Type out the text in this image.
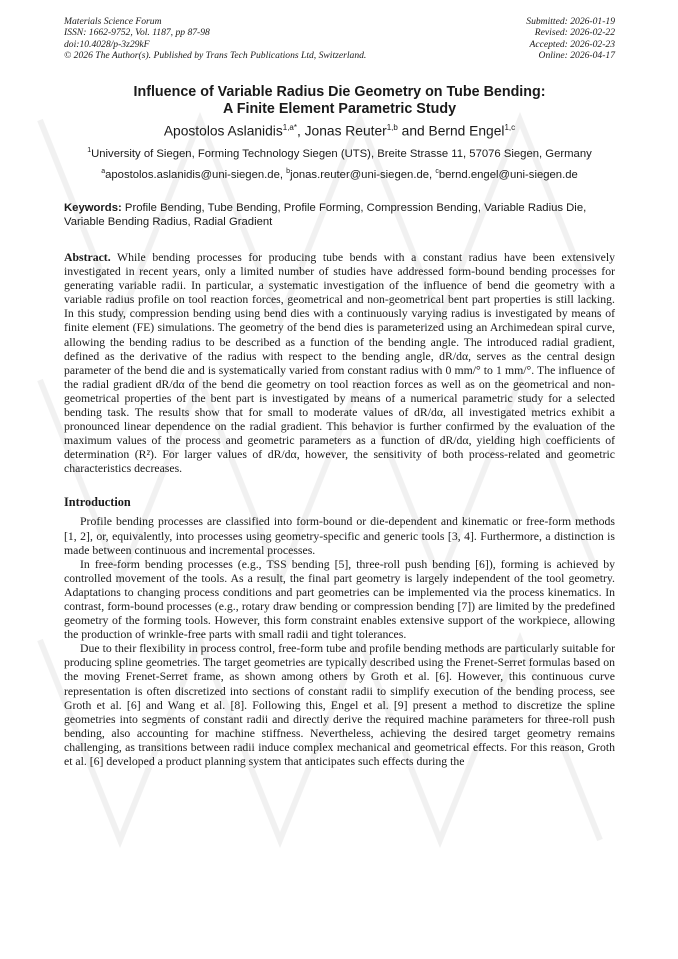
Materials Science Forum
ISSN: 1662-9752, Vol. 1187, pp 87-98
doi:10.4028/p-3z29kF
© 2026 The Author(s). Published by Trans Tech Publications Ltd, Switzerland.
Submitted: 2026-01-19
Revised: 2026-02-22
Accepted: 2026-02-23
Online: 2026-04-17
Influence of Variable Radius Die Geometry on Tube Bending:
A Finite Element Parametric Study
Apostolos Aslanidis$^{1,a*}$, Jonas Reuter$^{1,b}$ and Bernd Engel$^{1,c}$
$^1$University of Siegen, Forming Technology Siegen (UTS), Breite Strasse 11, 57076 Siegen, Germany
$^a$apostolos.aslanidis@uni-siegen.de, $^b$jonas.reuter@uni-siegen.de, $^c$bernd.engel@uni-siegen.de
Keywords: Profile Bending, Tube Bending, Profile Forming, Compression Bending, Variable Radius Die, Variable Bending Radius, Radial Gradient
Abstract. While bending processes for producing tube bends with a constant radius have been extensively investigated in recent years, only a limited number of studies have addressed form-bound bending processes for generating variable radii. In particular, a systematic investigation of the influence of bend die geometry with a variable radius profile on tool reaction forces, geometrical and non-geometrical bent part properties is still lacking. In this study, compression bending using bend dies with a continuously varying radius is investigated by means of finite element (FE) simulations. The geometry of the bend dies is parameterized using an Archimedean spiral curve, allowing the bending radius to be described as a function of the bending angle. The introduced radial gradient, defined as the derivative of the radius with respect to the bending angle, dR/dα, serves as the central design parameter of the bend die and is systematically varied from constant radius with 0 mm/° to 1 mm/°. The influence of the radial gradient dR/dα of the bend die geometry on tool reaction forces as well as on the geometrical and non-geometrical properties of the bent part is investigated by means of a numerical parametric study for a selected bending task. The results show that for small to moderate values of dR/dα, all investigated metrics exhibit a pronounced linear dependence on the radial gradient. This behavior is further confirmed by the evaluation of the maximum values of the process and geometric parameters as a function of dR/dα, yielding high coefficients of determination (R²). For larger values of dR/dα, however, the sensitivity of both process-related and geometric characteristics decreases.
Introduction

Profile bending processes are classified into form-bound or die-dependent and kinematic or free-form methods [1, 2], or, equivalently, into processes using geometry-specific and generic tools [3, 4]. Furthermore, a distinction is made between continuous and incremental processes.

In free-form bending processes (e.g., TSS bending [5], three-roll push bending [6]), forming is achieved by controlled movement of the tools. As a result, the final part geometry is largely independent of the tool geometry. Adaptations to changing process conditions and part geometries can be implemented via the process kinematics. In contrast, form-bound processes (e.g., rotary draw bending or compression bending [7]) are limited by the predefined geometry of the forming tools. However, this form constraint enables extensive support of the workpiece, allowing the production of wrinkle-free parts with small radii and tight tolerances.

Due to their flexibility in process control, free-form tube and profile bending methods are particularly suitable for producing spline geometries. The target geometries are typically described using the Frenet-Serret formulas based on the moving Frenet-Serret frame, as shown among others by Groth et al. [6]. However, this continuous curve representation is often discretized into sections of constant radii to simplify execution of the bending process, see Groth et al. [6] and Wang et al. [8]. Following this, Engel et al. [9] present a method to discretize the spline geometries into segments of constant radii and directly derive the required machine parameters for three-roll push bending, also accounting for machine stiffness. Nevertheless, achieving the desired target geometry remains challenging, as transitions between radii induce complex mechanical and geometrical effects. For this reason, Groth et al. [6] developed a product planning system that anticipates such effects during the
